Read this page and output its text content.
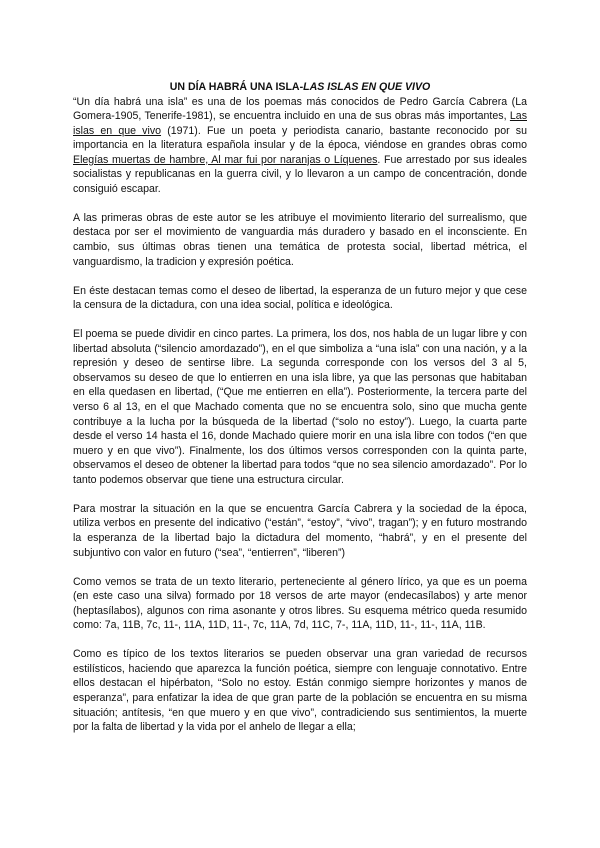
UN DÍA HABRÁ UNA ISLA-LAS ISLAS EN QUE VIVO

“Un día habrá una isla” es una de los poemas más conocidos de Pedro García Cabrera (La Gomera-1905, Tenerife-1981), se encuentra incluido en una de sus obras más importantes, Las islas en que vivo (1971). Fue un poeta y periodista canario, bastante reconocido por su importancia en la literatura española insular y de la época, viéndose en grandes obras como Elegías muertas de hambre, Al mar fui por naranjas o Líquenes. Fue arrestado por sus ideales socialistas y republicanas en la guerra civil, y lo llevaron a un campo de concentración, donde consiguió escapar.

A las primeras obras de este autor se les atribuye el movimiento literario del surrealismo, que destaca por ser el movimiento de vanguardia más duradero y basado en el inconsciente. En cambio, sus últimas obras tienen una temática de protesta social, libertad métrica, el vanguardismo, la tradicion y expresión poética.

En éste destacan temas como el deseo de libertad, la esperanza de un futuro mejor y que cese la censura de la dictadura, con una idea social, política e ideológica.

El poema se puede dividir en cinco partes. La primera, los dos, nos habla de un lugar libre y con libertad absoluta (“silencio amordazado”), en el que simboliza a “una isla” con una nación, y a la represión y deseo de sentirse libre. La segunda corresponde con los versos del 3 al 5, observamos su deseo de que lo entierren en una isla libre, ya que las personas que habitaban en ella quedasen en libertad, (“Que me entierren en ella”). Posteriormente, la tercera parte del verso 6 al 13, en el que Machado comenta que no se encuentra solo, sino que mucha gente contribuye a la lucha por la búsqueda de la libertad (“solo no estoy”). Luego, la cuarta parte desde el verso 14 hasta el 16, donde Machado quiere morir en una isla libre con todos (“en que muero y en que vivo”). Finalmente, los dos últimos versos corresponden con la quinta parte, observamos el deseo de obtener la libertad para todos “que no sea silencio amordazado”. Por lo tanto podemos observar que tiene una estructura circular.

Para mostrar la situación en la que se encuentra García Cabrera y la sociedad de la época, utiliza verbos en presente del indicativo (“están”, “estoy”, “vivo”, tragan”); y en futuro mostrando la esperanza de la libertad bajo la dictadura del momento, “habrá”, y en el presente del subjuntivo con valor en futuro (“sea”, “entierren”, “liberen”)

Como vemos se trata de un texto literario, perteneciente al género lírico, ya que es un poema (en este caso una silva) formado por 18 versos de arte mayor (endecasílabos) y arte menor (heptasílabos), algunos con rima asonante y otros libres. Su esquema métrico queda resumido como: 7a, 11B, 7c, 11-, 11A, 11D, 11-, 7c, 11A, 7d, 11C, 7-, 11A, 11D, 11-, 11-, 11A, 11B.

Como es típico de los textos literarios se pueden observar una gran variedad de recursos estilísticos, haciendo que aparezca la función poética, siempre con lenguaje connotativo. Entre ellos destacan el hipérbaton, “Solo no estoy. Están conmigo siempre horizontes y manos de esperanza”, para enfatizar la idea de que gran parte de la población se encuentra en su misma situación; antítesis, “en que muero y en que vivo”, contradiciendo sus sentimientos, la muerte por la falta de libertad y la vida por el anhelo de llegar a ella;
